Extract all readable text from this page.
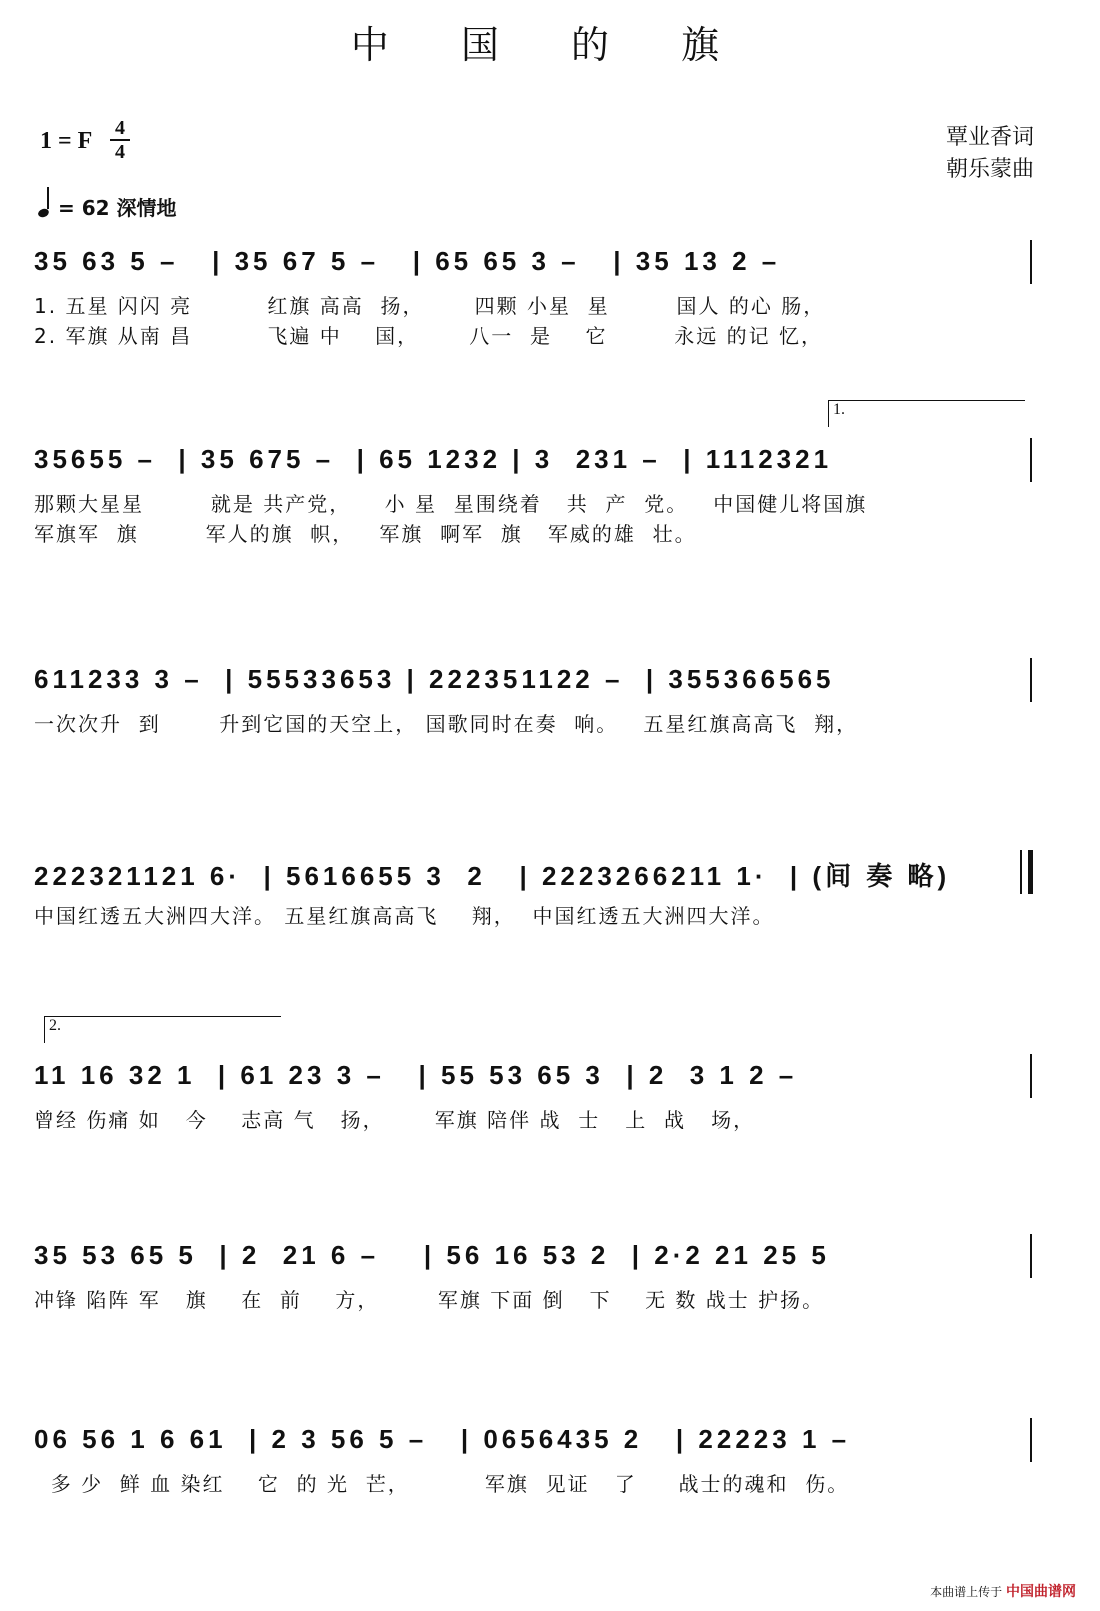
中 国 的 旗
1 = F	4
4
覃业香词
朝乐蒙曲
= 62 深情地
35 63 5 –   | 35 67 5 –   | 65 65 3 –   | 35 13 2 –
1. 五星 闪闪 亮         红旗 高高  扬，      四颗 小星  星        国人 的心 肠，
2. 军旗 从南 昌         飞遍 中    国，      八一  是    它        永远 的记 忆，
1.
35655 –  | 35 675 –  | 65 1232 | 3  231 –  | 1112321
那颗大星星        就是 共产党，    小 星  星围绕着   共  产  党。   中国健儿将国旗
军旗军  旗        军人的旗  帜，   军旗  啊军  旗   军威的雄  壮。
611233 3 –  | 55533653 | 222351122 –  | 355366565
一次次升  到       升到它国的天空上， 国歌同时在奏  响。   五星红旗高高飞  翔，
222321121 6·  | 5616655 3  2   | 2223266211 1·  | (间 奏 略)
中国红透五大洲四大洋。 五星红旗高高飞    翔，  中国红透五大洲四大洋。
2.
11 16 32 1  | 61 23 3 –   | 55 53 65 3  | 2  3 1 2 –
曾经 伤痛 如   今    志高 气   扬，      军旗 陪伴 战  士   上  战   场，
35 53 65 5  | 2  21 6 –    | 56 16 53 2  | 2·2 21 25 5
冲锋 陷阵 军   旗    在  前    方，       军旗 下面 倒   下    无 数 战士 护扬。
06 56 1 6 61  | 2 3 56 5 –   | 0656435 2   | 22223 1 –
多 少  鲜 血 染红    它  的 光  芒，         军旗  见证   了     战士的魂和  伤。
本曲谱上传于 中国曲谱网
